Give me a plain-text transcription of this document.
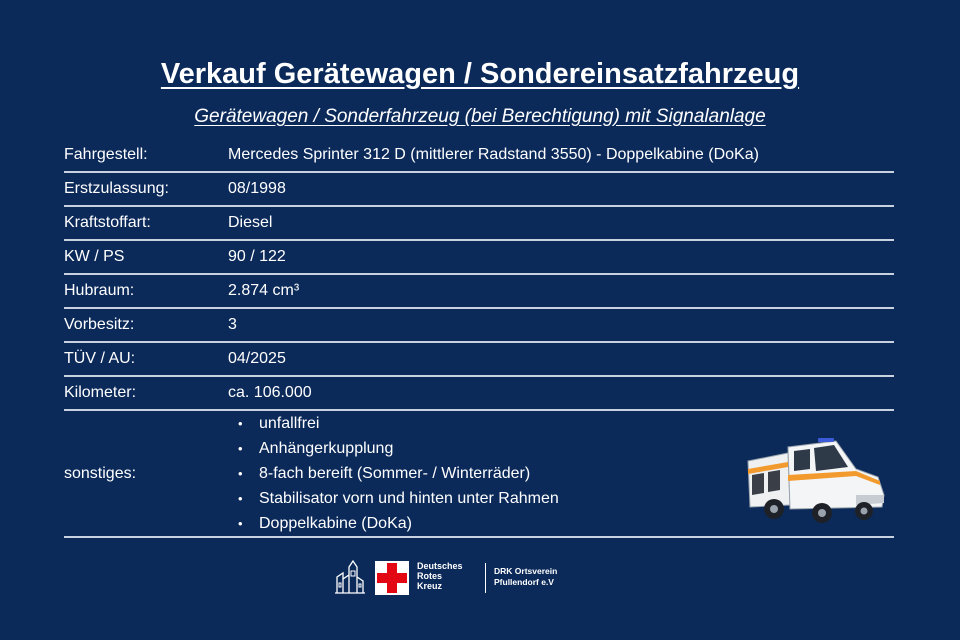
Verkauf Gerätewagen / Sondereinsatzfahrzeug
Gerätewagen / Sonderfahrzeug (bei Berechtigung) mit Signalanlage
Fahrgestell:	Mercedes Sprinter 312 D (mittlerer Radstand 3550) - Doppelkabine (DoKa)
Erstzulassung:	08/1998
Kraftstoffart:	Diesel
KW / PS	90 / 122
Hubraum:	2.874 cm³
Vorbesitz:	3
TÜV / AU:	04/2025
Kilometer:	ca. 106.000
sonstiges:
• unfallfrei
• Anhängerkupplung
• 8-fach bereift (Sommer- / Winterräder)
• Stabilisator vorn und hinten unter Rahmen
• Doppelkabine (DoKa)
Deutsches
Rotes
Kreuz
DRK Ortsverein
Pfullendorf e.V
